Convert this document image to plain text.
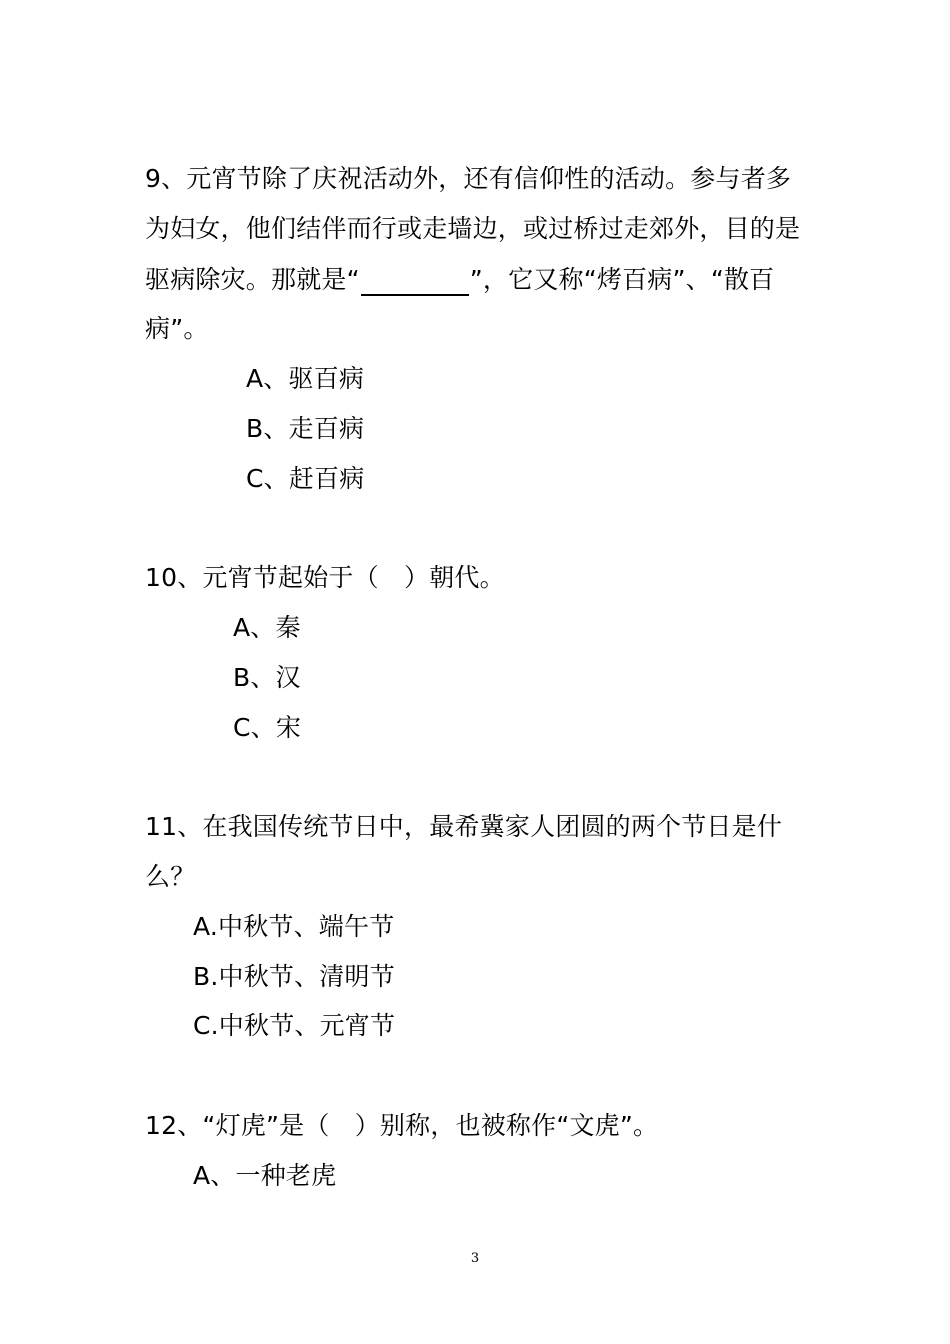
9、元宵节除了庆祝活动外，还有信仰性的活动。参与者多
为妇女，他们结伴而行或走墙边，或过桥过走郊外，目的是
驱病除灾。那就是“	”，它又称“烤百病”、“散百
病”。
A、驱百病
B、走百病
C、赶百病
10、元宵节起始于（　）朝代。
A、秦
B、汉
C、宋
11、在我国传统节日中，最希冀家人团圆的两个节日是什
么？
A.中秋节、端午节
B.中秋节、清明节
C.中秋节、元宵节
12、“灯虎”是（　）别称，也被称作“文虎”。
A、一种老虎
3
